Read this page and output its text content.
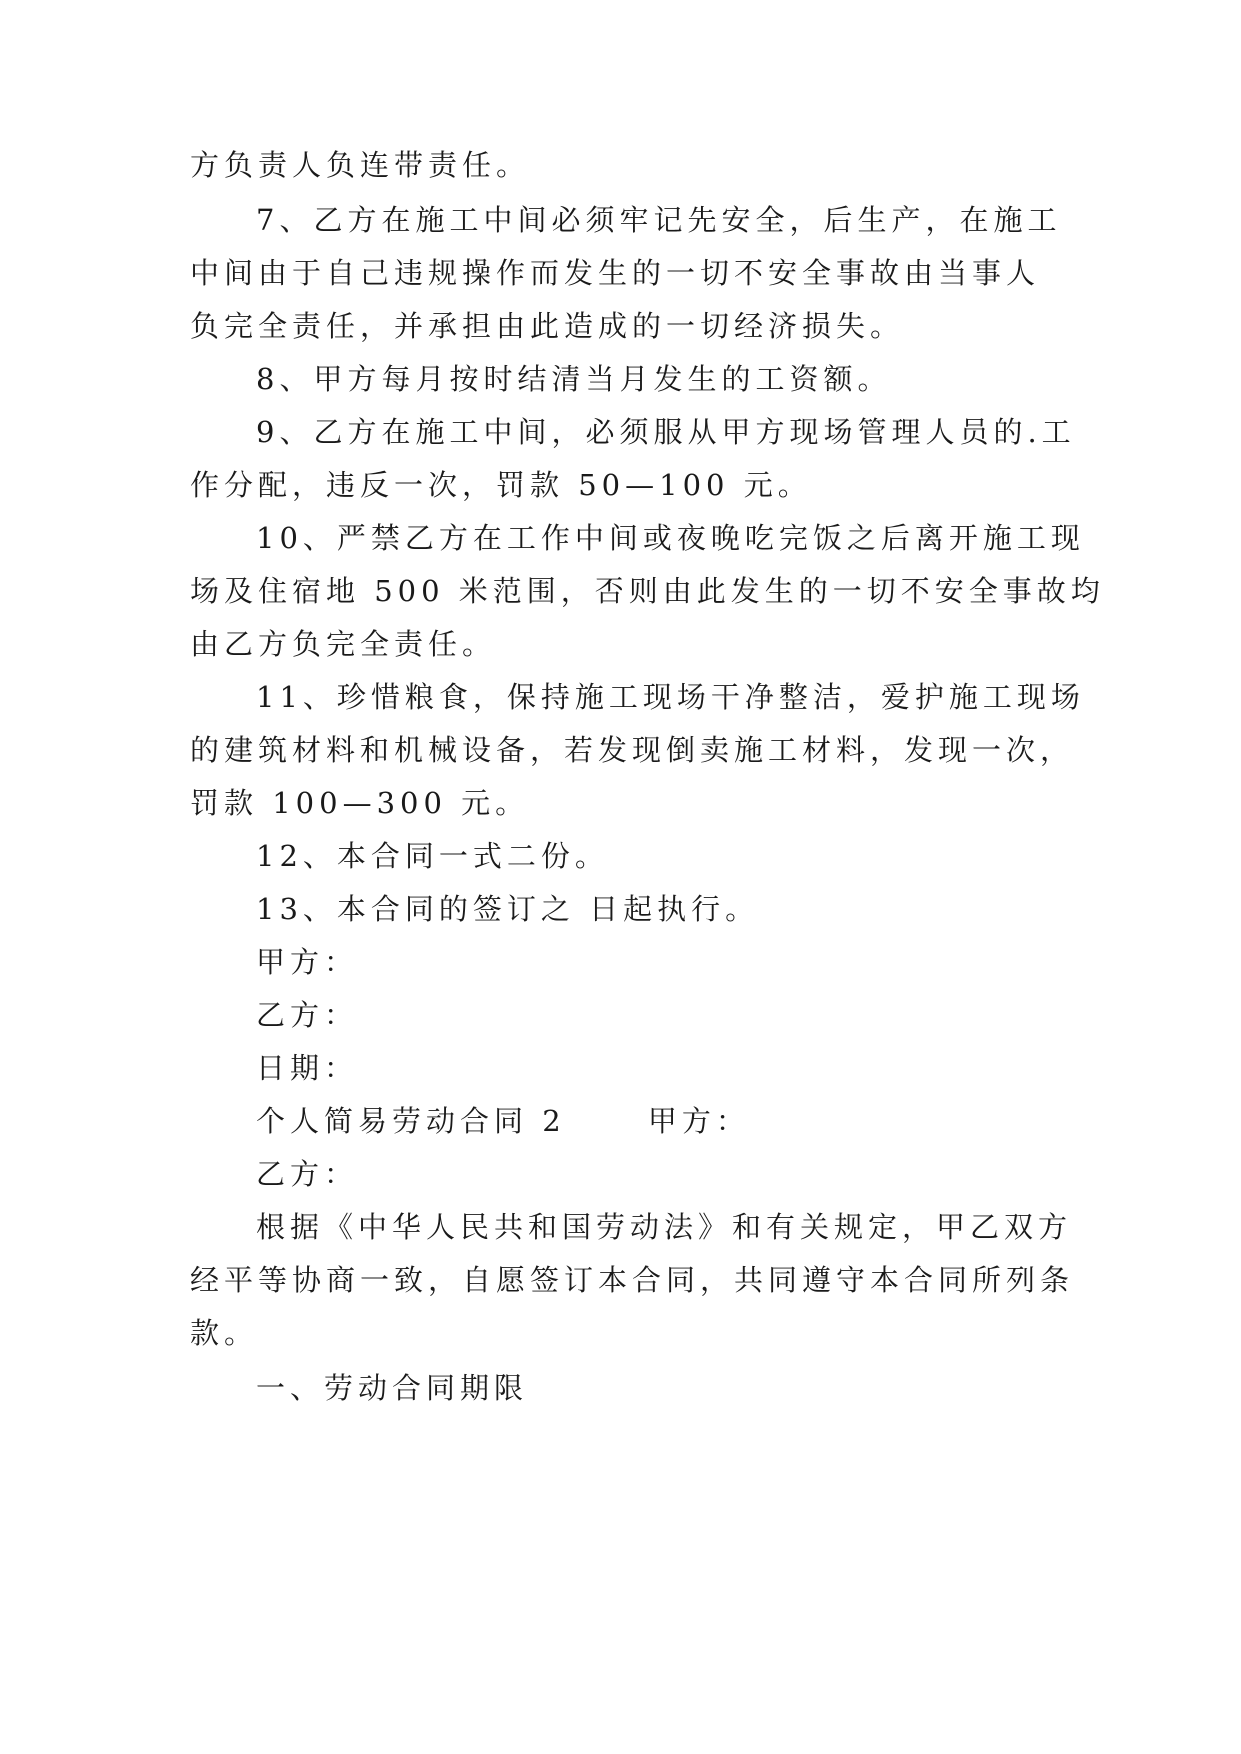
方负责人负连带责任。
7、乙方在施工中间必须牢记先安全，后生产，在施工
中间由于自己违规操作而发生的一切不安全事故由当事人
负完全责任，并承担由此造成的一切经济损失。
8、甲方每月按时结清当月发生的工资额。
9、乙方在施工中间，必须服从甲方现场管理人员的.工
作分配，违反一次，罚款 50—100 元。
10、严禁乙方在工作中间或夜晚吃完饭之后离开施工现
场及住宿地 500 米范围，否则由此发生的一切不安全事故均
由乙方负完全责任。
11、珍惜粮食，保持施工现场干净整洁，爱护施工现场
的建筑材料和机械设备，若发现倒卖施工材料，发现一次，
罚款 100—300 元。
12、本合同一式二份。
13、本合同的签订之 日起执行。
甲方：
乙方：
日期：
个人简易劳动合同 2　　 甲方：
乙方：
根据《中华人民共和国劳动法》和有关规定，甲乙双方
经平等协商一致，自愿签订本合同，共同遵守本合同所列条
款。
一、劳动合同期限
